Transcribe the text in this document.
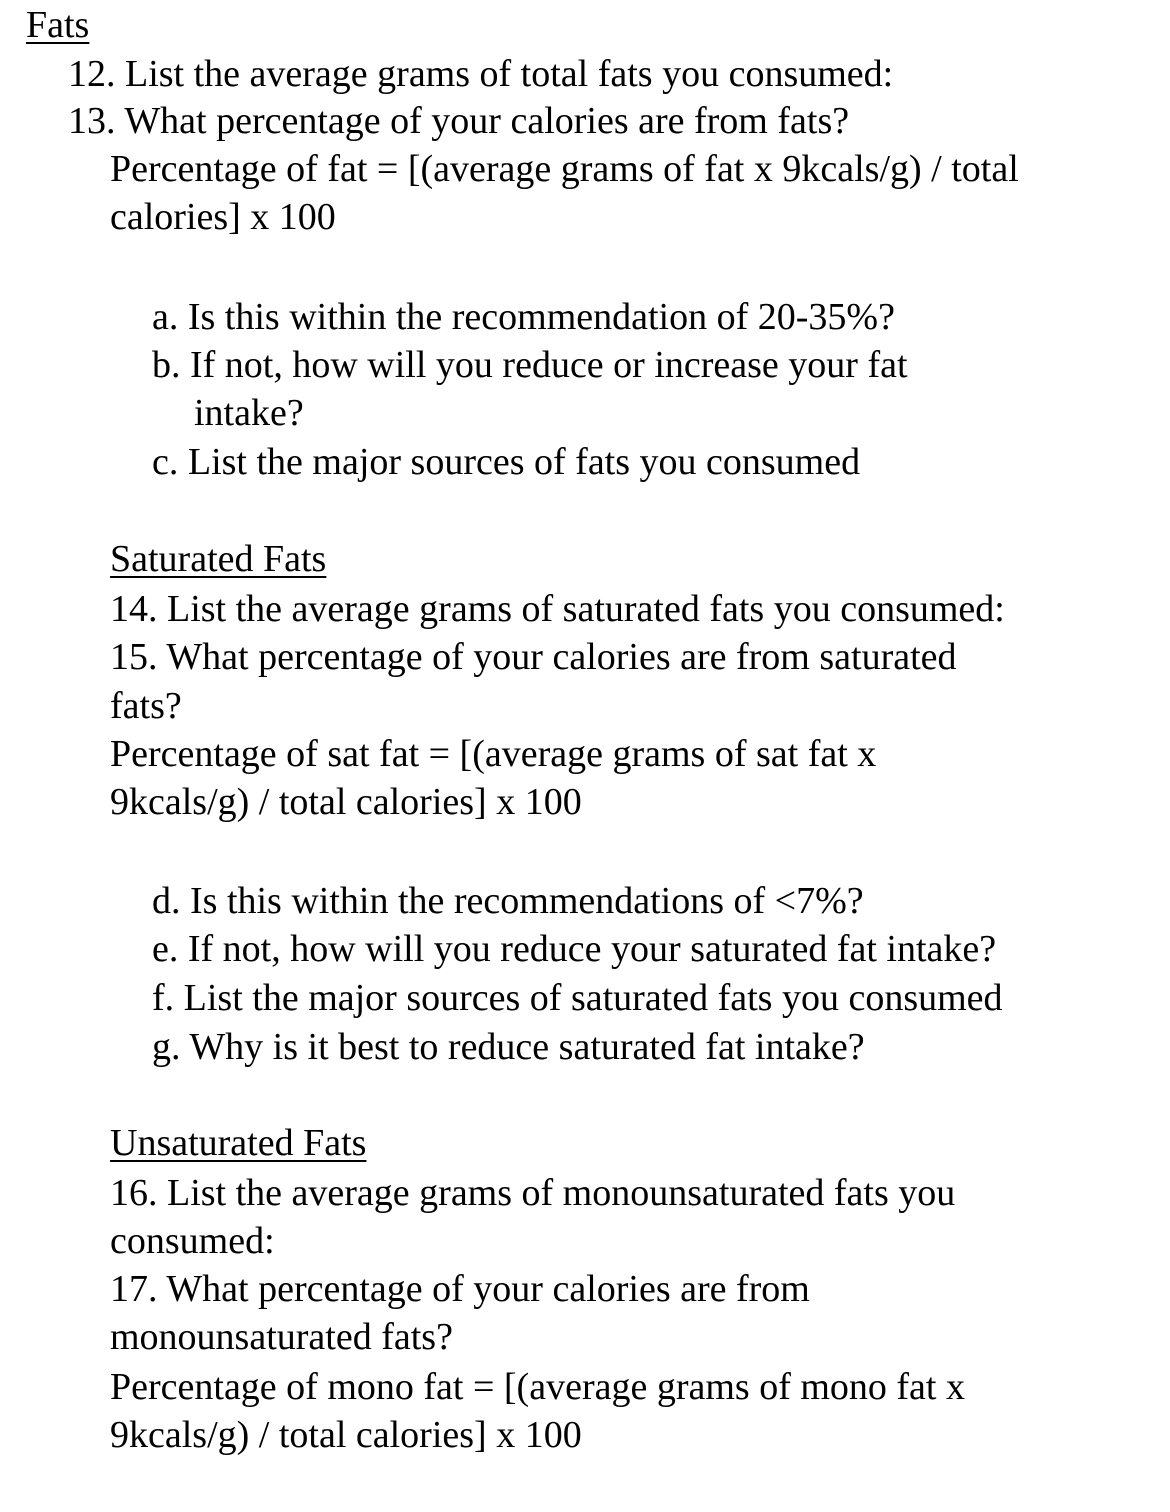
Fats
12. List the average grams of total fats you consumed:
13. What percentage of your calories are from fats?
Percentage of fat = [(average grams of fat x 9kcals/g) / total
calories] x 100
a. Is this within the recommendation of 20-35%?
b. If not, how will you reduce or increase your fat
intake?
c. List the major sources of fats you consumed
Saturated Fats
14. List the average grams of saturated fats you consumed:
15. What percentage of your calories are from saturated
fats?
Percentage of sat fat = [(average grams of sat fat x
9kcals/g) / total calories] x 100
d. Is this within the recommendations of <7%?
e. If not, how will you reduce your saturated fat intake?
f. List the major sources of saturated fats you consumed
g. Why is it best to reduce saturated fat intake?
Unsaturated Fats
16. List the average grams of monounsaturated fats you
consumed:
17. What percentage of your calories are from
monounsaturated fats?
Percentage of mono fat = [(average grams of mono fat x
9kcals/g) / total calories] x 100
